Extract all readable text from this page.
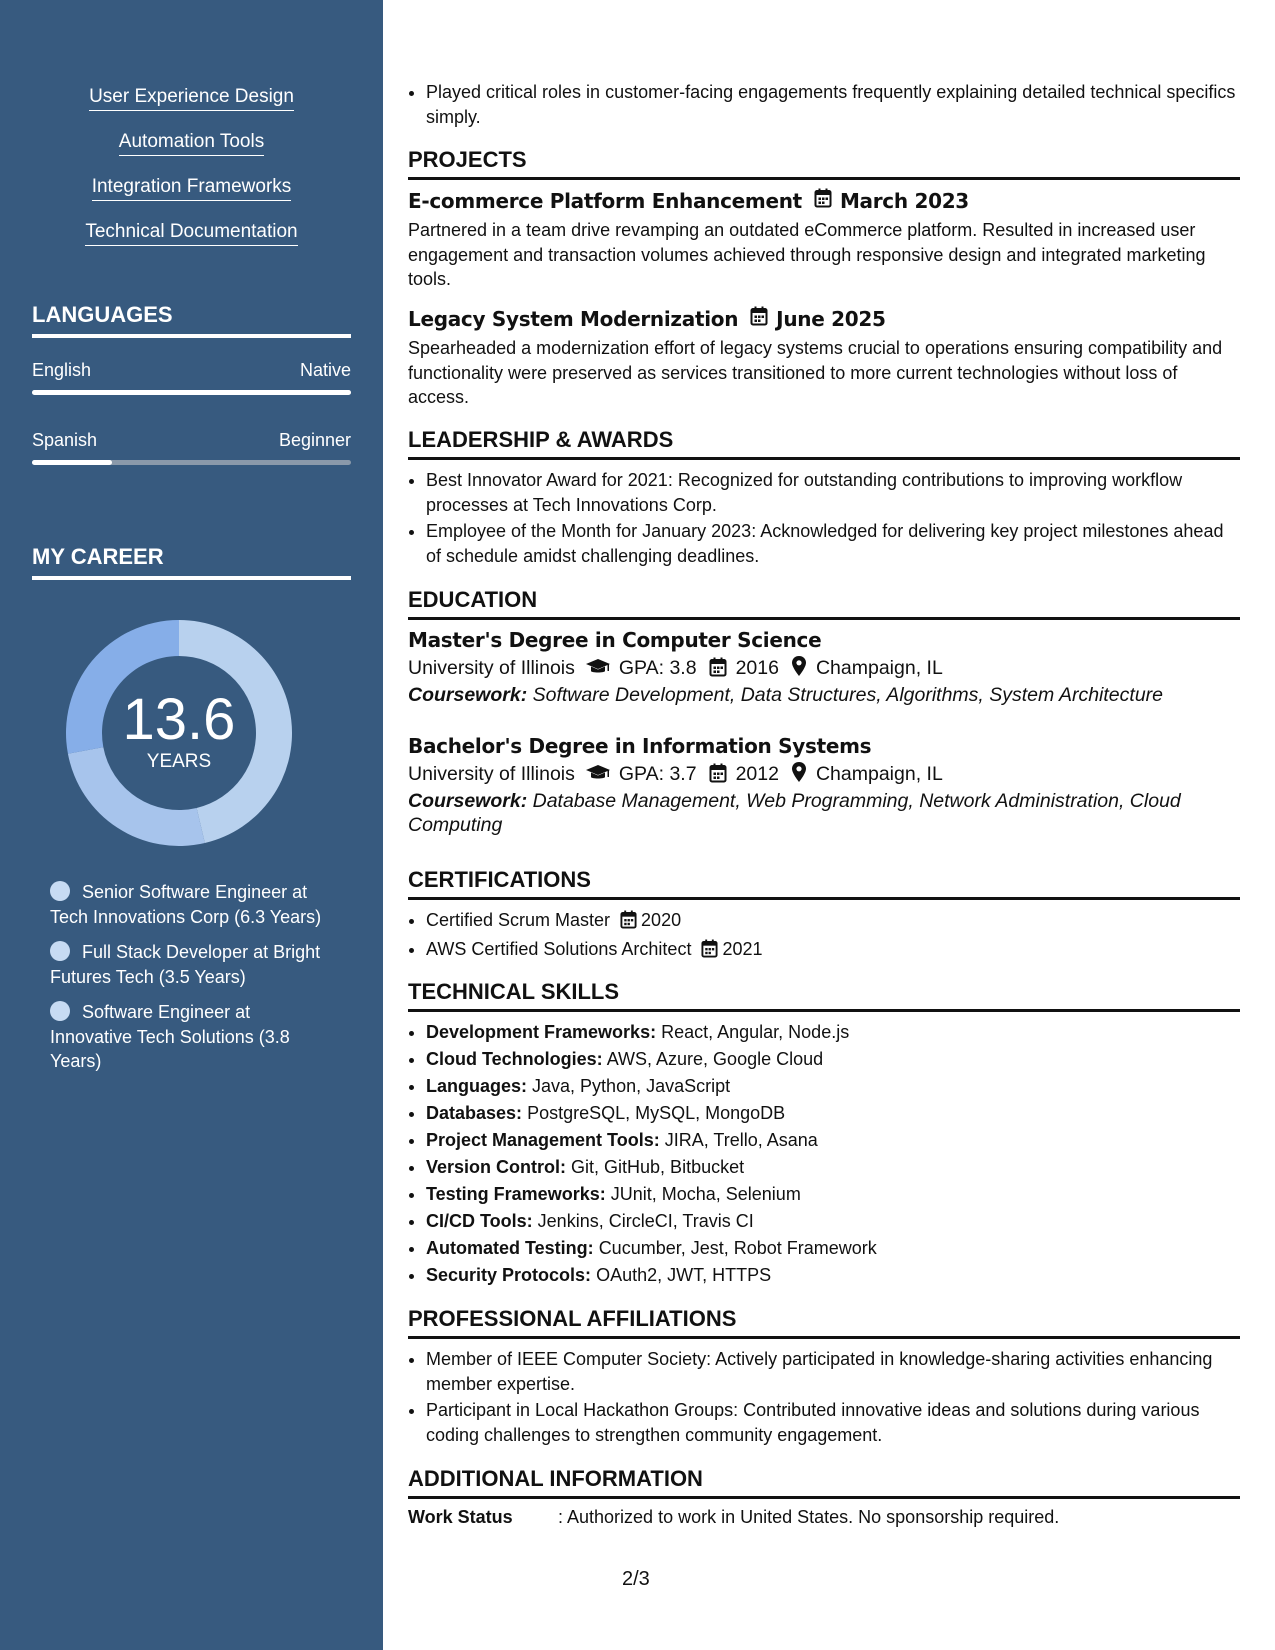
User Experience Design
Automation Tools
Integration Frameworks
Technical Documentation
LANGUAGES
English	Native
Spanish	Beginner
MY CAREER
13.6
YEARS
Senior Software Engineer at Tech Innovations Corp (6.3 Years)
Full Stack Developer at Bright Futures Tech (3.5 Years)
Software Engineer at Innovative Tech Solutions (3.8 Years)
• Played critical roles in customer-facing engagements frequently explaining detailed technical specifics simply.
PROJECTS
E-commerce Platform Enhancement March 2023
Partnered in a team drive revamping an outdated eCommerce platform. Resulted in increased user engagement and transaction volumes achieved through responsive design and integrated marketing tools.
Legacy System Modernization June 2025
Spearheaded a modernization effort of legacy systems crucial to operations ensuring compatibility and functionality were preserved as services transitioned to more current technologies without loss of access.
LEADERSHIP & AWARDS
• Best Innovator Award for 2021: Recognized for outstanding contributions to improving workflow processes at Tech Innovations Corp.
• Employee of the Month for January 2023: Acknowledged for delivering key project milestones ahead of schedule amidst challenging deadlines.
EDUCATION
Master's Degree in Computer Science
University of Illinois GPA: 3.8 2016 Champaign, IL
Coursework: Software Development, Data Structures, Algorithms, System Architecture
Bachelor's Degree in Information Systems
University of Illinois GPA: 3.7 2012 Champaign, IL
Coursework: Database Management, Web Programming, Network Administration, Cloud Computing
CERTIFICATIONS
• Certified Scrum Master 2020
• AWS Certified Solutions Architect 2021
TECHNICAL SKILLS
• Development Frameworks: React, Angular, Node.js
• Cloud Technologies: AWS, Azure, Google Cloud
• Languages: Java, Python, JavaScript
• Databases: PostgreSQL, MySQL, MongoDB
• Project Management Tools: JIRA, Trello, Asana
• Version Control: Git, GitHub, Bitbucket
• Testing Frameworks: JUnit, Mocha, Selenium
• CI/CD Tools: Jenkins, CircleCI, Travis CI
• Automated Testing: Cucumber, Jest, Robot Framework
• Security Protocols: OAuth2, JWT, HTTPS
PROFESSIONAL AFFILIATIONS
• Member of IEEE Computer Society: Actively participated in knowledge-sharing activities enhancing member expertise.
• Participant in Local Hackathon Groups: Contributed innovative ideas and solutions during various coding challenges to strengthen community engagement.
ADDITIONAL INFORMATION
Work Status	: Authorized to work in United States. No sponsorship required.
2/3
